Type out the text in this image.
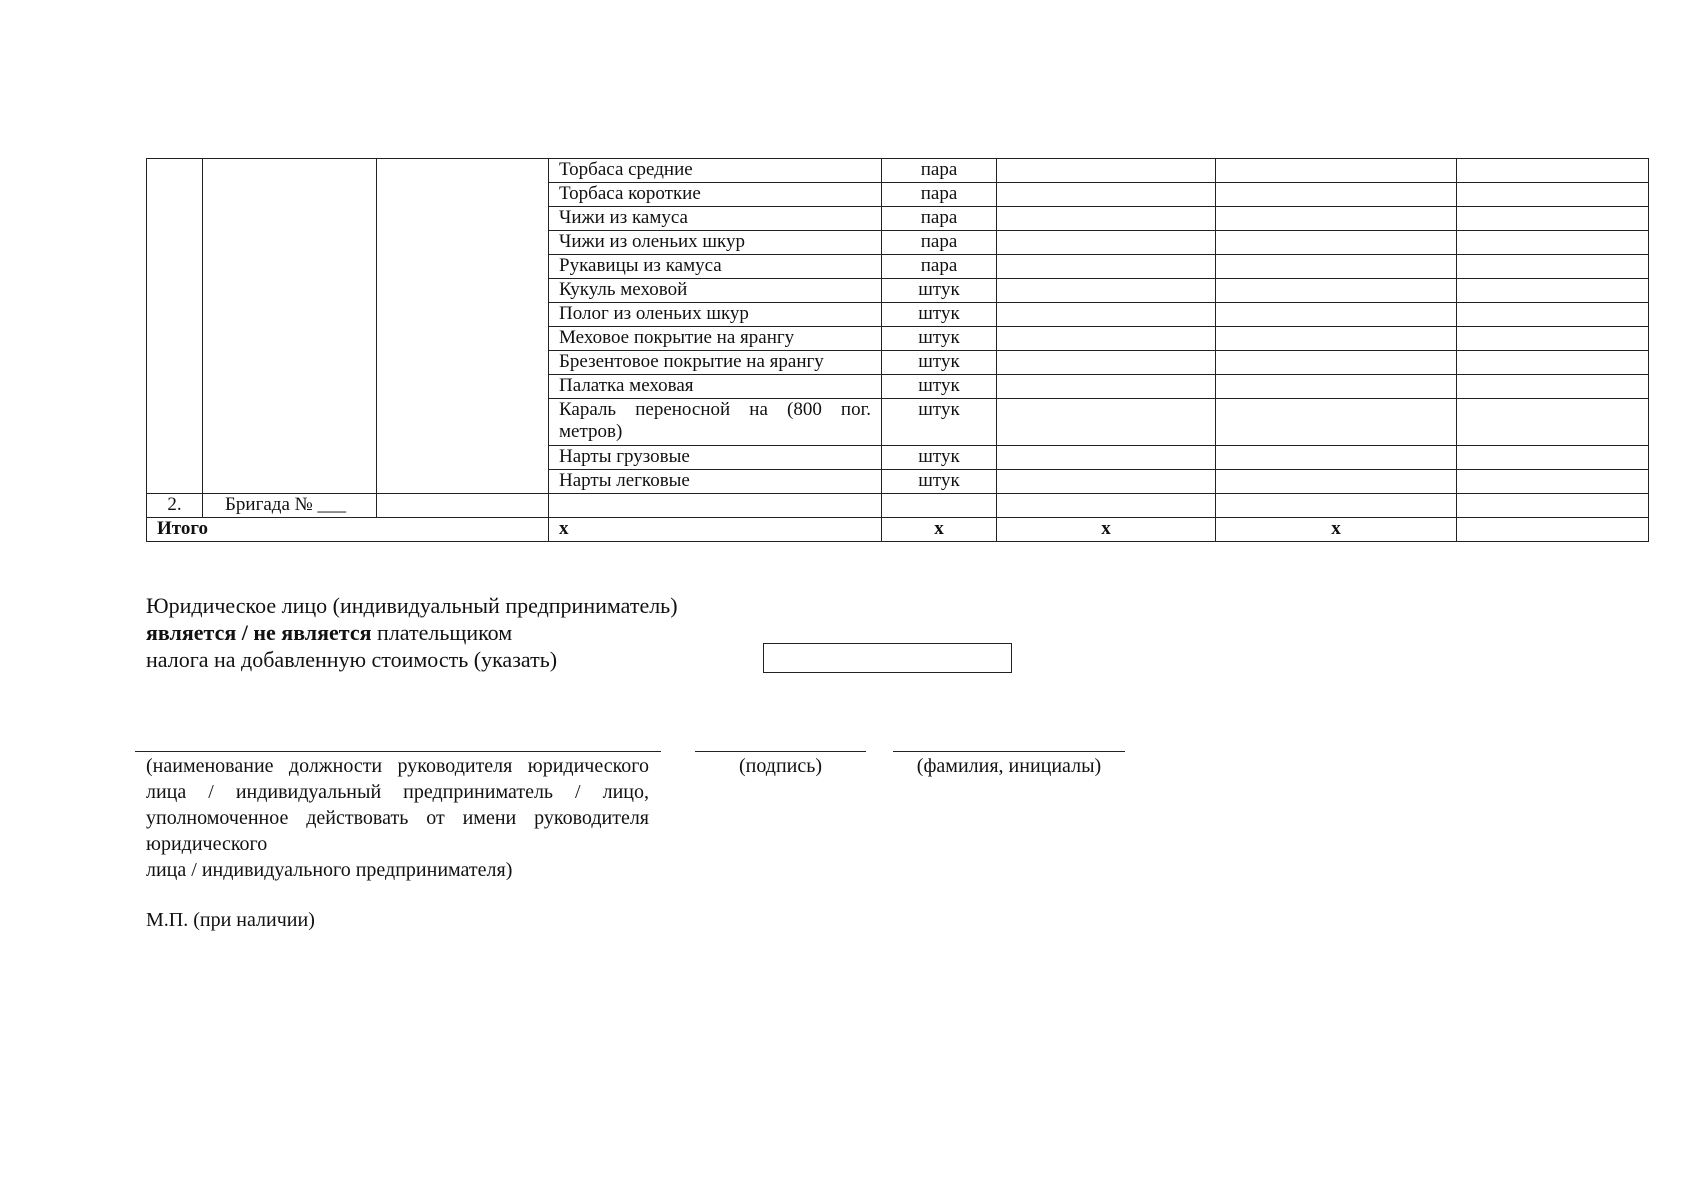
			Торбаса средние	пара			
			Торбаса короткие	пара			
			Чижи из камуса	пара			
			Чижи из оленьих шкур	пара			
			Рукавицы из камуса	пара			
			Кукуль меховой	штук			
			Полог из оленьих шкур	штук			
			Меховое покрытие на ярангу	штук			
			Брезентовое покрытие на ярангу	штук			
			Палатка меховая	штук			
			Караль переносной на (800 пог. метров)	штук			
			Нарты грузовые	штук			
			Нарты легковые	штук			
2.	Бригада № ___						
Итого			х	х	х	х	
Юридическое лицо (индивидуальный предприниматель)
является / не является плательщиком
налога на добавленную стоимость (указать)
(наименование должности руководителя юридического лица / индивидуальный предприниматель / лицо, уполномоченное действовать от имени руководителя юридического
лица / индивидуального предпринимателя)
(подпись)	(фамилия, инициалы)
М.П. (при наличии)
